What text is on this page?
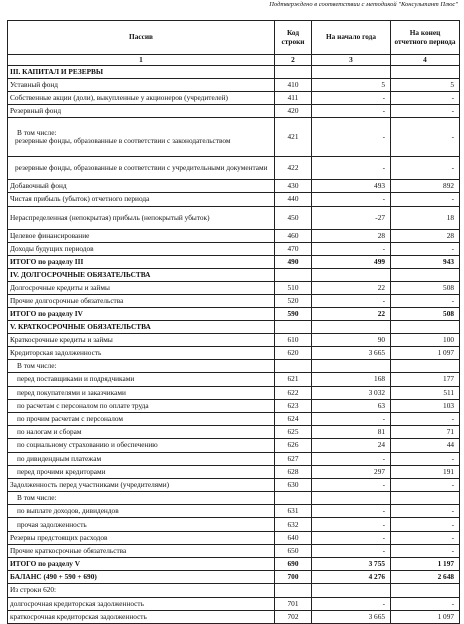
Подтверждено в соответствии с методикой "Консультант Плюс"
Пассив	Код строки	На начало года	На конец отчетного периода
1	2	3	4
III. КАПИТАЛ И РЕЗЕРВЫ			
Уставный фонд	410	5	5
Собственные акции (доли), выкупленные у акционеров (учредителей)	411	-	-
Резервный фонд	420	-	-

В том числе:
резервные фонды, образованные в соответствии с законодательством	421	-	-
резервные фонды, образованные в соответствии с учредительными документами	422	-	-
Добавочный фонд	430	493	892
Чистая прибыль (убыток) отчетного периода	440	-	-
Нераспределенная (непокрытая) прибыль (непокрытый убыток)	450	-27	18
Целевое финансирование	460	28	28
Доходы будущих периодов	470	-	-
ИТОГО по разделу III	490	499	943
IV. ДОЛГОСРОЧНЫЕ ОБЯЗАТЕЛЬСТВА			
Долгосрочные кредиты и займы	510	22	508
Прочие долгосрочные обязательства	520	-	-
ИТОГО по разделу IV	590	22	508
V. КРАТКОСРОЧНЫЕ ОБЯЗАТЕЛЬСТВА			
Краткосрочные кредиты и займы	610	90	100
Кредиторская задолженность	620	3 665	1 097
В том числе:			
перед поставщиками и подрядчиками	621	168	177
перед покупателями и заказчиками	622	3 032	511
по расчетам с персоналом по оплате труда	623	63	103
по прочим расчетам с персоналом	624	-	-
по налогам и сборам	625	81	71
по социальному страхованию и обеспечению	626	24	44
по дивидендным платежам	627	-	-
перед прочими кредиторами	628	297	191
Задолженность перед участниками (учредителями)	630	-	-
В том числе:			
по выплате доходов, дивидендов	631	-	-
прочая задолженность	632	-	-
Резервы предстоящих расходов	640	-	-
Прочие краткосрочные обязательства	650	-	-
ИТОГО по разделу V	690	3 755	1 197
БАЛАНС (490 + 590 + 690)	700	4 276	2 648
Из строки 620:			
долгосрочная кредиторская задолженность	701	-	-
краткосрочная кредиторская задолженность	702	3 665	1 097
